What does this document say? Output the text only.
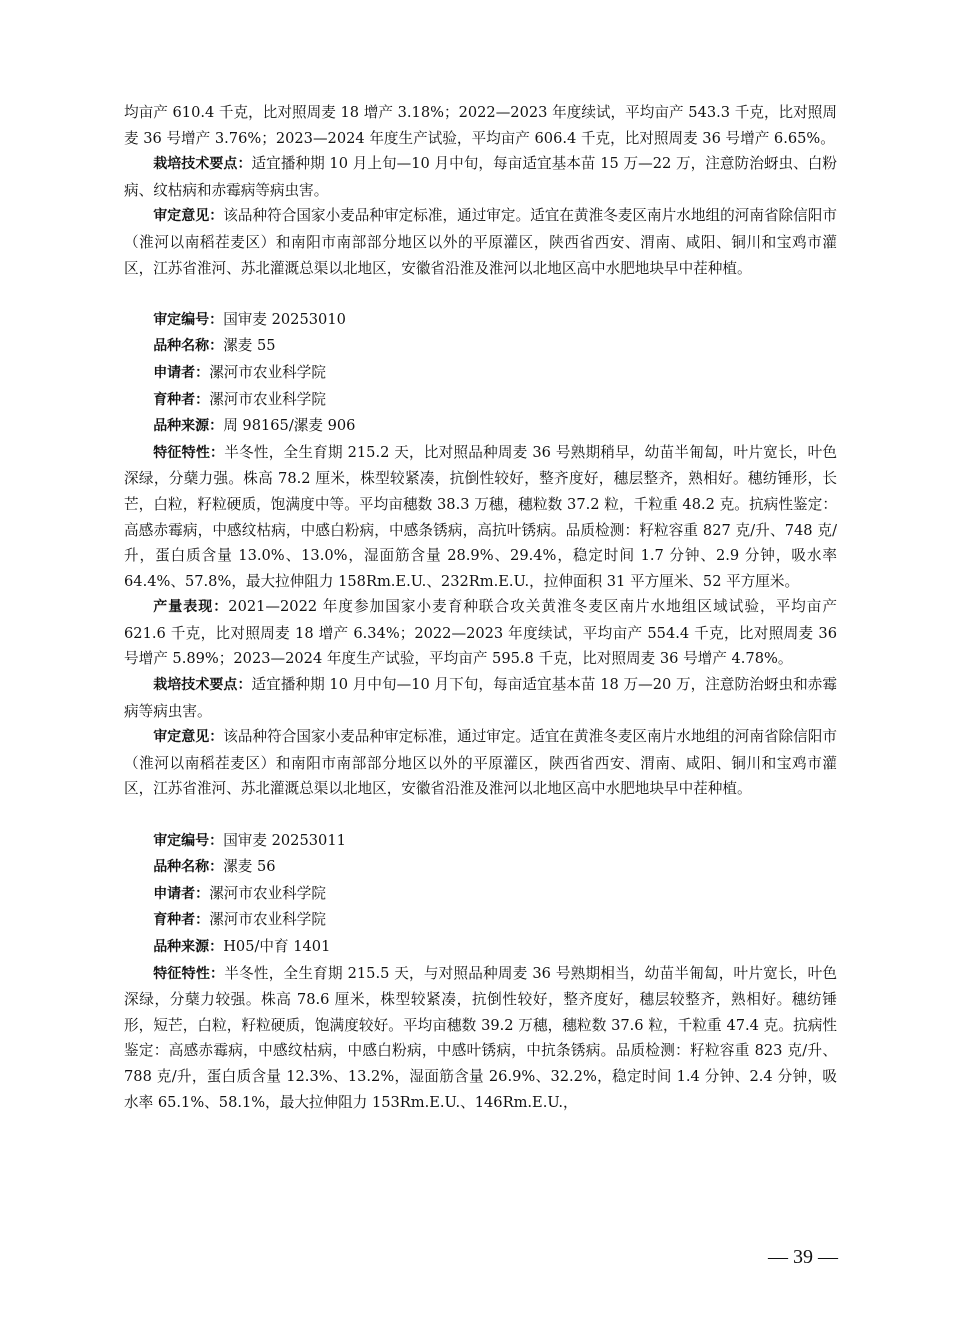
均亩产 610.4 千克，比对照周麦 18 增产 3.18%；2022—2023 年度续试，平均亩产 543.3 千克，比对照周麦 36 号增产 3.76%；2023—2024 年度生产试验，平均亩产 606.4 千克，比对照周麦 36 号增产 6.65%。

栽培技术要点：适宜播种期 10 月上旬—10 月中旬，每亩适宜基本苗 15 万—22 万，注意防治蚜虫、白粉病、纹枯病和赤霉病等病虫害。

审定意见：该品种符合国家小麦品种审定标准，通过审定。适宜在黄淮冬麦区南片水地组的河南省除信阳市（淮河以南稻茬麦区）和南阳市南部部分地区以外的平原灌区，陕西省西安、渭南、咸阳、铜川和宝鸡市灌区，江苏省淮河、苏北灌溉总渠以北地区，安徽省沿淮及淮河以北地区高中水肥地块早中茬种植。

审定编号：国审麦 20253010

品种名称：漯麦 55

申请者：漯河市农业科学院

育种者：漯河市农业科学院

品种来源：周 98165/漯麦 906

特征特性：半冬性，全生育期 215.2 天，比对照品种周麦 36 号熟期稍早，幼苗半匍匐，叶片宽长，叶色深绿，分蘖力强。株高 78.2 厘米，株型较紧凑，抗倒性较好，整齐度好，穗层整齐，熟相好。穗纺锤形，长芒，白粒，籽粒硬质，饱满度中等。平均亩穗数 38.3 万穗，穗粒数 37.2 粒，千粒重 48.2 克。抗病性鉴定：高感赤霉病，中感纹枯病，中感白粉病，中感条锈病，高抗叶锈病。品质检测：籽粒容重 827 克/升、748 克/升，蛋白质含量 13.0%、13.0%，湿面筋含量 28.9%、29.4%，稳定时间 1.7 分钟、2.9 分钟，吸水率 64.4%、57.8%，最大拉伸阻力 158Rm.E.U.、232Rm.E.U.，拉伸面积 31 平方厘米、52 平方厘米。

产量表现：2021—2022 年度参加国家小麦育种联合攻关黄淮冬麦区南片水地组区域试验，平均亩产 621.6 千克，比对照周麦 18 增产 6.34%；2022—2023 年度续试，平均亩产 554.4 千克，比对照周麦 36 号增产 5.89%；2023—2024 年度生产试验，平均亩产 595.8 千克，比对照周麦 36 号增产 4.78%。

栽培技术要点：适宜播种期 10 月中旬—10 月下旬，每亩适宜基本苗 18 万—20 万，注意防治蚜虫和赤霉病等病虫害。

审定意见：该品种符合国家小麦品种审定标准，通过审定。适宜在黄淮冬麦区南片水地组的河南省除信阳市（淮河以南稻茬麦区）和南阳市南部部分地区以外的平原灌区，陕西省西安、渭南、咸阳、铜川和宝鸡市灌区，江苏省淮河、苏北灌溉总渠以北地区，安徽省沿淮及淮河以北地区高中水肥地块早中茬种植。

审定编号：国审麦 20253011

品种名称：漯麦 56

申请者：漯河市农业科学院

育种者：漯河市农业科学院

品种来源：H05/中育 1401

特征特性：半冬性，全生育期 215.5 天，与对照品种周麦 36 号熟期相当，幼苗半匍匐，叶片宽长，叶色深绿，分蘖力较强。株高 78.6 厘米，株型较紧凑，抗倒性较好，整齐度好，穗层较整齐，熟相好。穗纺锤形，短芒，白粒，籽粒硬质，饱满度较好。平均亩穗数 39.2 万穗，穗粒数 37.6 粒，千粒重 47.4 克。抗病性鉴定：高感赤霉病，中感纹枯病，中感白粉病，中感叶锈病，中抗条锈病。品质检测：籽粒容重 823 克/升、788 克/升，蛋白质含量 12.3%、13.2%，湿面筋含量 26.9%、32.2%，稳定时间 1.4 分钟、2.4 分钟，吸水率 65.1%、58.1%，最大拉伸阻力 153Rm.E.U.、146Rm.E.U.，

— 39 —
